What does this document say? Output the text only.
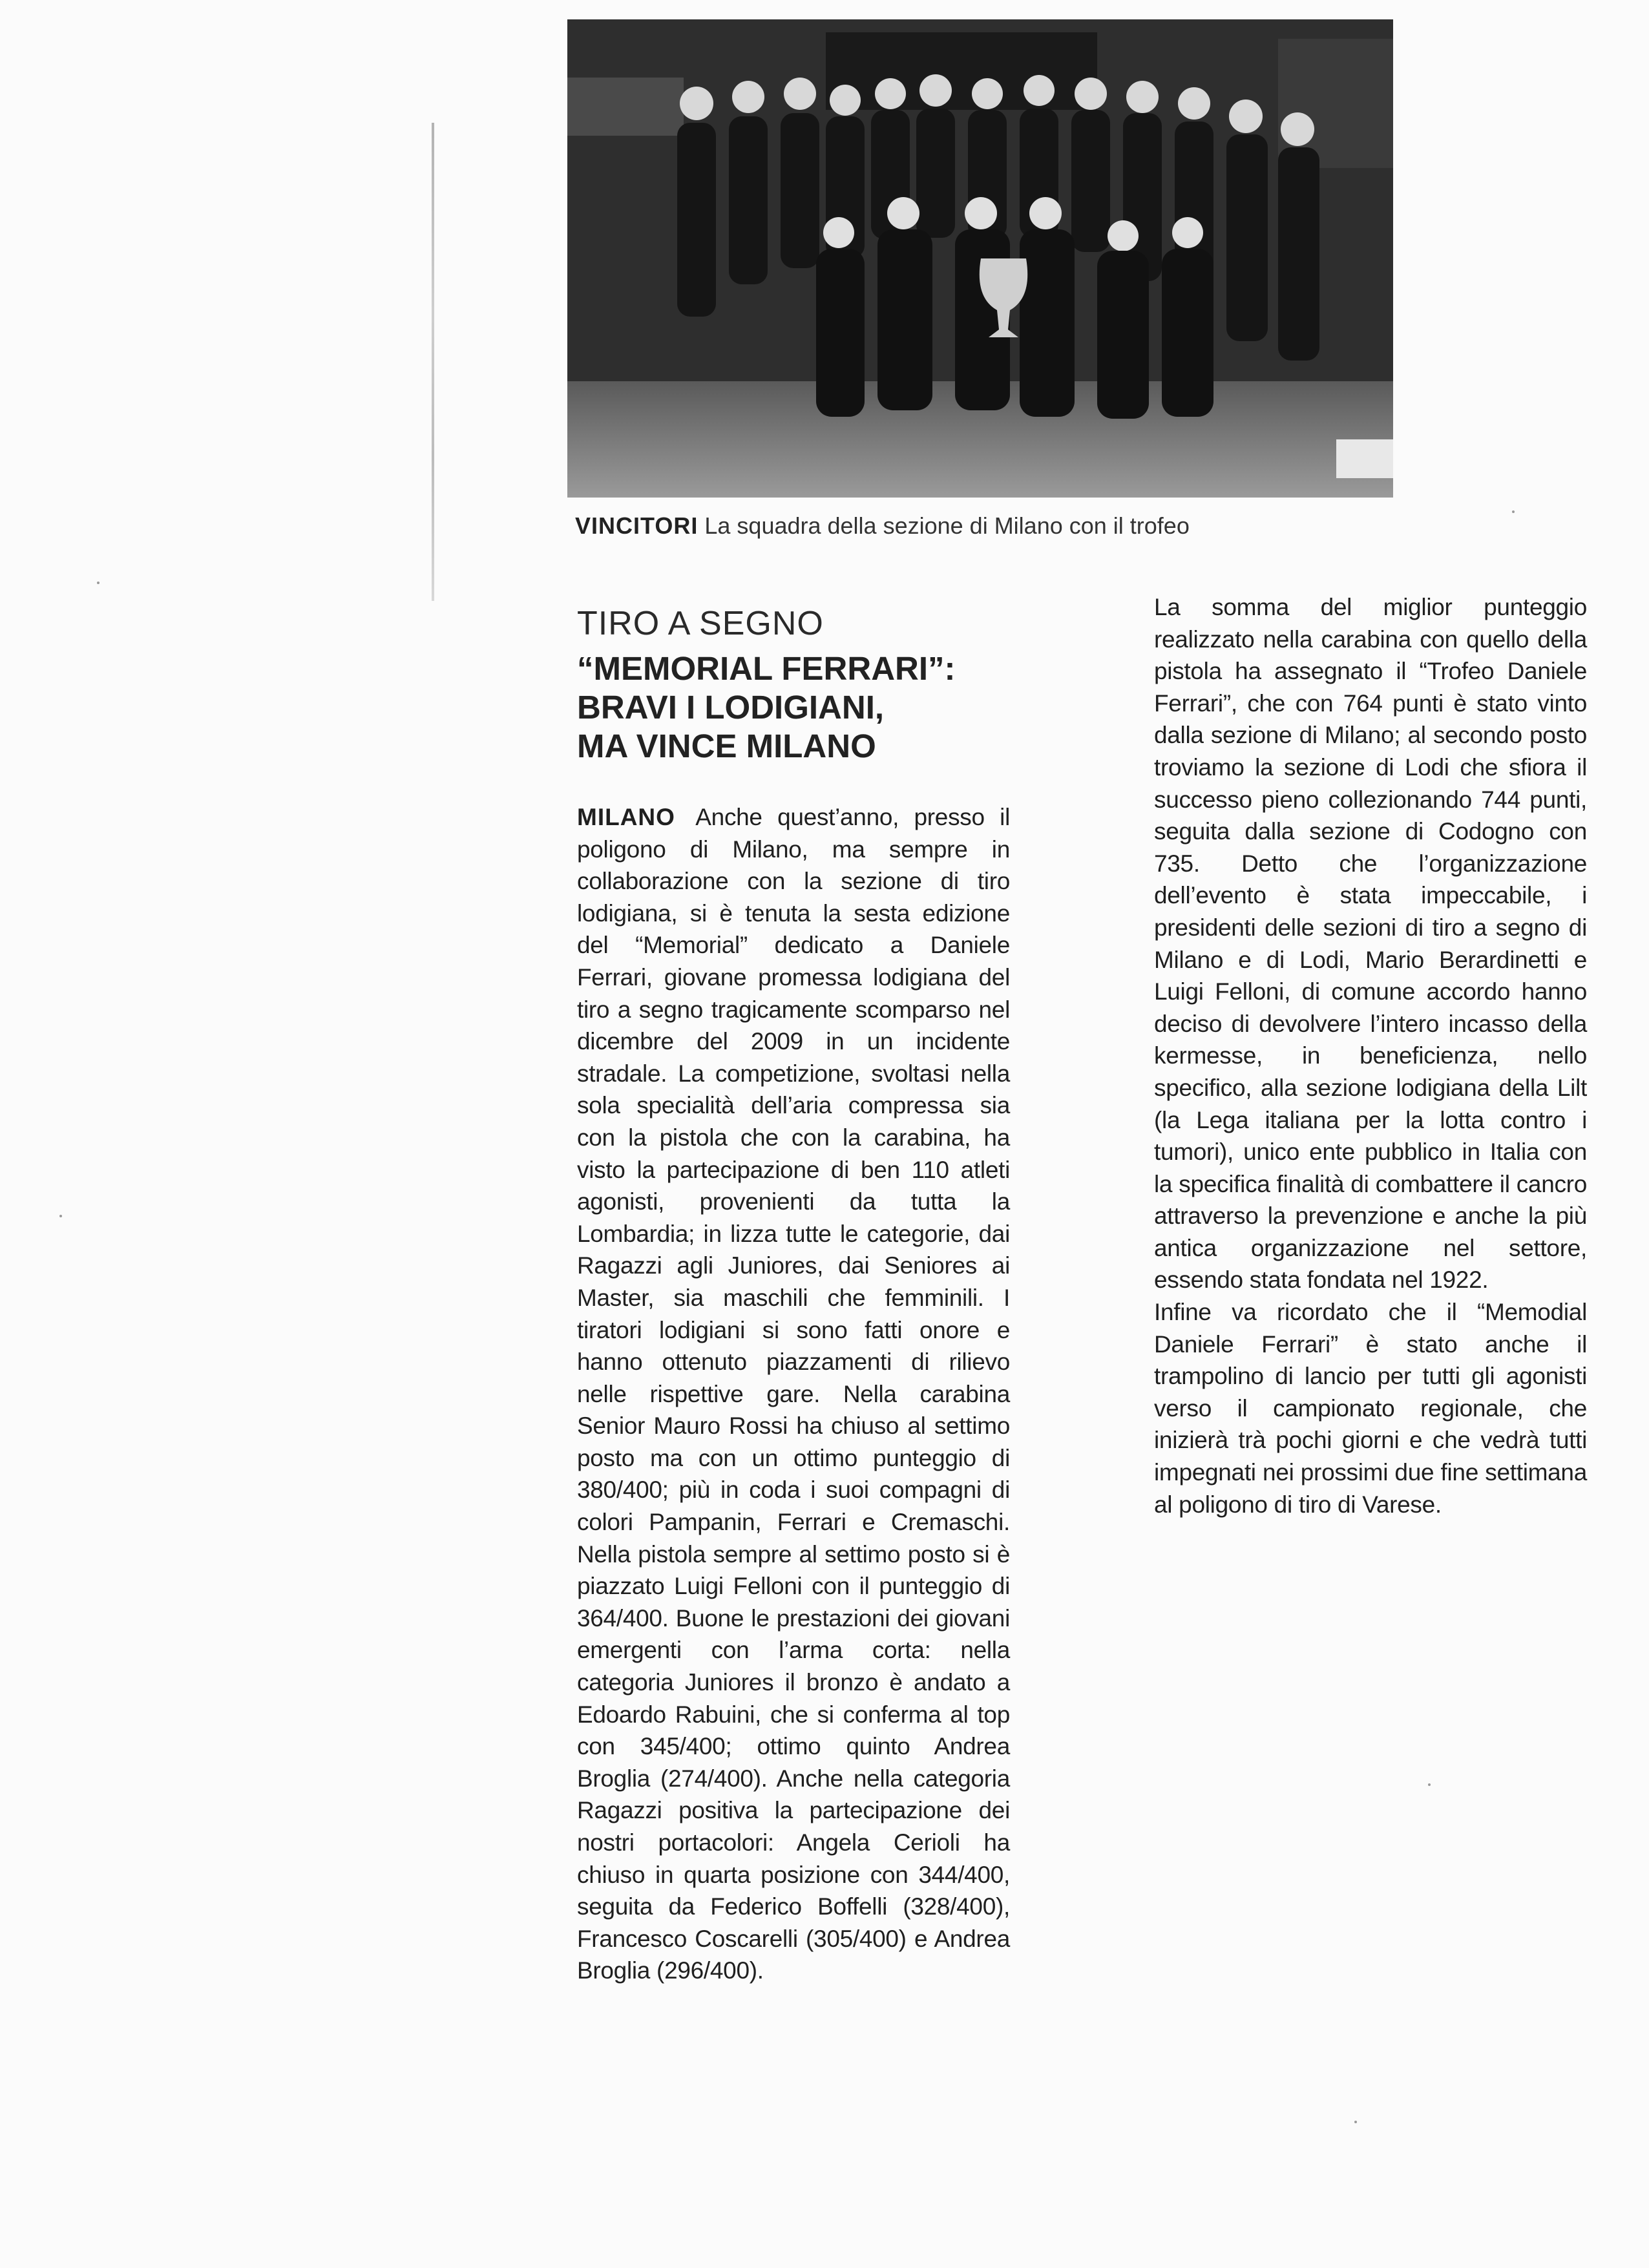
VINCITORI La squadra della sezione di Milano con il trofeo
TIRO A SEGNO
“MEMORIAL FERRARI”:
BRAVI I LODIGIANI,
MA VINCE MILANO

MILANO Anche quest’anno, presso il poligono di Milano, ma sempre in collaborazione con la sezione di tiro lodigiana, si è tenuta la sesta edizione del “Memorial” dedicato a Daniele Ferrari, giovane promessa lodigiana del tiro a segno tragicamente scomparso nel dicembre del 2009 in un incidente stradale. La competizione, svoltasi nella sola specialità dell’aria compressa sia con la pistola che con la carabina, ha visto la partecipazione di ben 110 atleti agonisti, provenienti da tutta la Lombardia; in lizza tutte le categorie, dai Ragazzi agli Juniores, dai Seniores ai Master, sia maschili che femminili. I tiratori lodigiani si sono fatti onore e hanno ottenuto piazzamenti di rilievo nelle rispettive gare. Nella carabina Senior Mauro Rossi ha chiuso al settimo posto ma con un ottimo punteggio di 380/400; più in coda i suoi compagni di colori Pampanin, Ferrari e Cremaschi. Nella pistola sempre al settimo posto si è piazzato Luigi Felloni con il punteggio di 364/400. Buone le prestazioni dei giovani emergenti con l’arma corta: nella categoria Juniores il bronzo è andato a Edoardo Rabuini, che si conferma al top con 345/400; ottimo quinto Andrea Broglia (274/400). Anche nella categoria Ragazzi positiva la partecipazione dei nostri portacolori: Angela Cerioli ha chiuso in quarta posizione con 344/400, seguita da Federico Boffelli (328/400), Francesco Coscarelli (305/400) e Andrea Broglia (296/400).

La somma del miglior punteggio realizzato nella carabina con quello della pistola ha assegnato il “Trofeo Daniele Ferrari”, che con 764 punti è stato vinto dalla sezione di Milano; al secondo posto troviamo la sezione di Lodi che sfiora il successo pieno collezionando 744 punti, seguita dalla sezione di Codogno con 735. Detto che l’organizzazione dell’evento è stata impeccabile, i presidenti delle sezioni di tiro a segno di Milano e di Lodi, Mario Berardinetti e Luigi Felloni, di comune accordo hanno deciso di devolvere l’intero incasso della kermesse, in beneficienza, nello specifico, alla sezione lodigiana della Lilt (la Lega italiana per la lotta contro i tumori), unico ente pubblico in Italia con la specifica finalità di combattere il cancro attraverso la prevenzione e anche la più antica organizzazione nel settore, essendo stata fondata nel 1922.

Infine va ricordato che il “Memodial Daniele Ferrari” è stato anche il trampolino di lancio per tutti gli agonisti verso il campionato regionale, che inizierà trà pochi giorni e che vedrà tutti impegnati nei prossimi due fine settimana al poligono di tiro di Varese.
